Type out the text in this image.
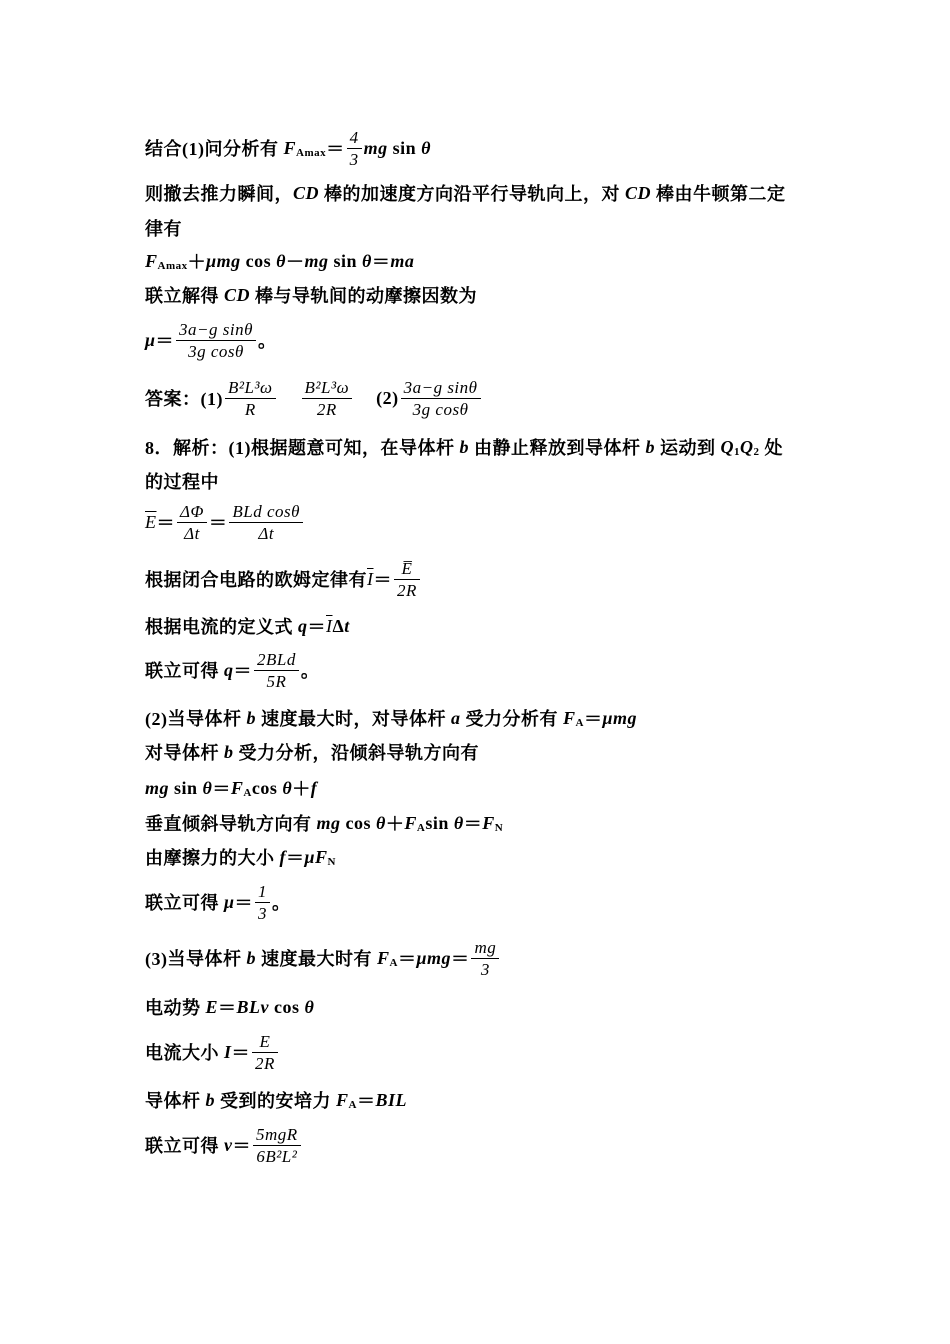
结合(1)问分析有 F $Amax = \frac{4}{3}$ mg sin θ
则撤去推力瞬间， CD 棒的加速度方向沿平行导轨向上，对 CD 棒由牛顿第二定
律有
F Amax ＋ μmg cos θ － mg sin θ ＝ ma
联立解得 CD 棒与导轨间的动摩擦因数为
$\mu = \frac{\text{3a−g sinθ}}{\text{3g cosθ}}$ 。
答案：$(1) \frac{\text{B²L³ω}}{R} \frac{\text{B²L³ω}}{2R} (2) \frac{\text{3a−g sinθ}}{\text{3g cosθ}}$
8．解析：(1)根据题意可知，在导体杆 b 由静止释放到导体杆 b 运动到 Q 1 Q 2 处
的过程中
$\overline{E} = \frac{\Delta\Phi}{\Delta t} = \frac{\text{BLd cosθ}}{\Delta t}$
根据闭合电路的欧姆定律有 $\overline{I} = \frac{E̅}{2R}$
根据电流的定义式 $q = \overline{I}$ Δ t
联立可得 $q = \frac{\text{2BLd}}{5R}$ 。
(2)当导体杆 b 速度最大时，对导体杆 a 受力分析有 F A ＝ μmg
对导体杆 b 受力分析，沿倾斜导轨方向有
mg sin θ ＝ F A cos θ ＋ f
垂直倾斜导轨方向有 mg cos θ ＋ F A sin θ ＝ F N
由摩擦力的大小 f ＝ μF N
联立可得 $\mu = \frac{1}{3}$ 。
(3)当导体杆 b 速度最大时有 F $A = \mu mg = \frac{mg}{3}$
电动势 E ＝ BLv cos θ
电流大小 $I = \frac{E}{2R}$
导体杆 b 受到的安培力 F A ＝ BIL
联立可得 $v = \frac{\text{5mgR}}{\text{6B²L²}}$
